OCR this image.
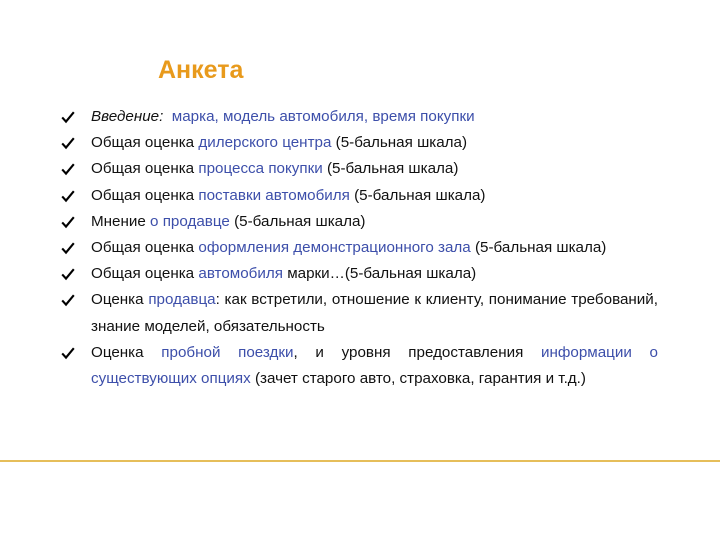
Анкета
Введение: марка, модель автомобиля, время покупки
Общая оценка дилерского центра (5-бальная шкала)
Общая оценка процесса покупки (5-бальная шкала)
Общая оценка поставки автомобиля (5-бальная шкала)
Мнение о продавце (5-бальная шкала)
Общая оценка оформления демонстрационного зала (5-бальная шкала)
Общая оценка автомобиля марки…(5-бальная шкала)
Оценка продавца: как встретили, отношение к клиенту, понимание требований, знание моделей, обязательность
Оценка пробной поездки, и уровня предоставления информации о существующих опциях (зачет старого авто, страховка, гарантия и т.д.)
